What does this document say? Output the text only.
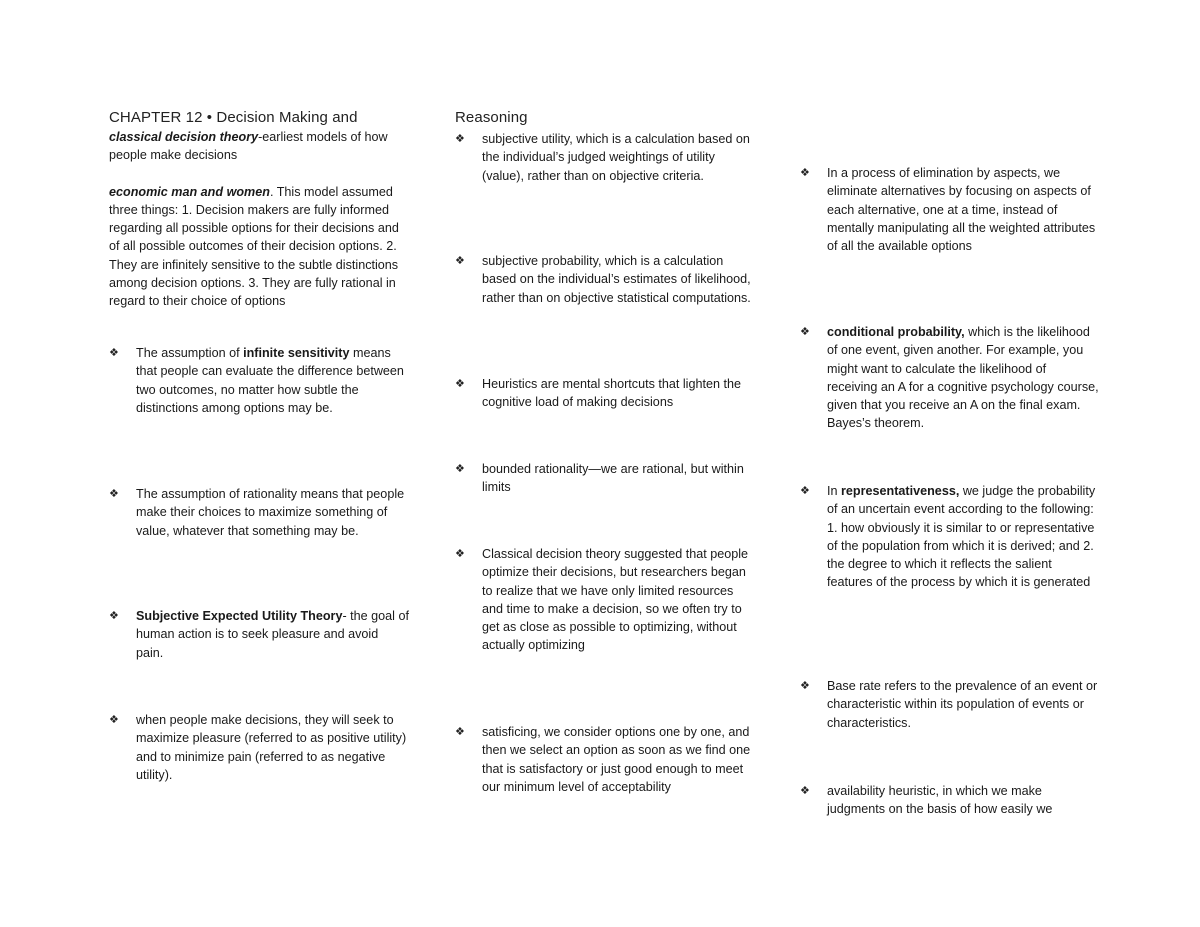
CHAPTER 12 • Decision Making and

classical decision theory-earliest models of how people make decisions

economic man and women. This model assumed three things: 1. Decision makers are fully informed regarding all possible options for their decisions and of all possible outcomes of their decision options. 2. They are infinitely sensitive to the subtle distinctions among decision options. 3. They are fully rational in regard to their choice of options

❖ The assumption of infinite sensitivity means that people can evaluate the difference between two outcomes, no matter how subtle the distinctions among options may be.
❖ The assumption of rationality means that people make their choices to maximize something of value, whatever that something may be.
❖ Subjective Expected Utility Theory- the goal of human action is to seek pleasure and avoid pain.
❖ when people make decisions, they will seek to maximize pleasure (referred to as positive utility) and to minimize pain (referred to as negative utility).
Reasoning
❖ subjective utility, which is a calculation based on the individual’s judged weightings of utility (value), rather than on objective criteria.
❖ subjective probability, which is a calculation based on the individual’s estimates of likelihood, rather than on objective statistical computations.
❖ Heuristics are mental shortcuts that lighten the cognitive load of making decisions
❖ bounded rationality—we are rational, but within limits
❖ Classical decision theory suggested that people optimize their decisions, but researchers began to realize that we have only limited resources and time to make a decision, so we often try to get as close as possible to optimizing, without actually optimizing
❖ satisficing, we consider options one by one, and then we select an option as soon as we find one that is satisfactory or just good enough to meet our minimum level of acceptability
❖ In a process of elimination by aspects, we eliminate alternatives by focusing on aspects of each alternative, one at a time, instead of mentally manipulating all the weighted attributes of all the available options
❖ conditional probability, which is the likelihood of one event, given another. For example, you might want to calculate the likelihood of receiving an A for a cognitive psychology course, given that you receive an A on the final exam. Bayes’s theorem.
❖ In representativeness, we judge the probability of an uncertain event according to the following: 1. how obviously it is similar to or representative of the population from which it is derived; and 2. the degree to which it reflects the salient features of the process by which it is generated
❖ Base rate refers to the prevalence of an event or characteristic within its population of events or characteristics.
❖ availability heuristic, in which we make judgments on the basis of how easily we
